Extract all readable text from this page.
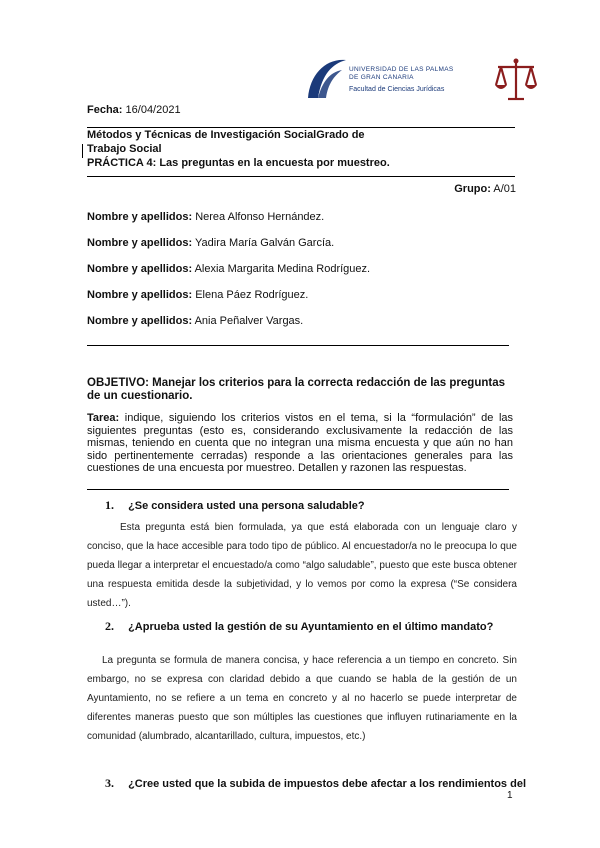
UNIVERSIDAD DE LAS PALMAS
DE GRAN CANARIA
Facultad de Ciencias Jurídicas
Fecha: 16/04/2021
Métodos y Técnicas de Investigación SocialGrado de
Trabajo Social
PRÁCTICA 4: Las preguntas en la encuesta por muestreo.
Grupo: A/01
Nombre y apellidos: Nerea Alfonso Hernández.
Nombre y apellidos: Yadira María Galván García.
Nombre y apellidos: Alexia Margarita Medina Rodríguez.
Nombre y apellidos: Elena Páez Rodríguez.
Nombre y apellidos: Ania Peñalver Vargas.
OBJETIVO: Manejar los criterios para la correcta redacción de las preguntas de un cuestionario.
Tarea: indique, siguiendo los criterios vistos en el tema, si la “formulación” de las siguientes preguntas (esto es, considerando exclusivamente la redacción de las mismas, teniendo en cuenta que no integran una misma encuesta y que aún no han sido pertinentemente cerradas) responde a las orientaciones generales para las cuestiones de una encuesta por muestreo. Detallen y razonen las respuestas.
1. ¿Se considera usted una persona saludable?
Esta pregunta está bien formulada, ya que está elaborada con un lenguaje claro y conciso, que la hace accesible para todo tipo de público. Al encuestador/a no le preocupa lo que pueda llegar a interpretar el encuestado/a como “algo saludable”, puesto que este busca obtener una respuesta emitida desde la subjetividad, y lo vemos por como la expresa (“Se considera usted…”).
2. ¿Aprueba usted la gestión de su Ayuntamiento en el último mandato?
La pregunta se formula de manera concisa, y hace referencia a un tiempo en concreto. Sin embargo, no se expresa con claridad debido a que cuando se habla de la gestión de un Ayuntamiento, no se refiere a un tema en concreto y al no hacerlo se puede interpretar de diferentes maneras puesto que son múltiples las cuestiones que influyen rutinariamente en la comunidad (alumbrado, alcantarillado, cultura, impuestos, etc.)
3. ¿Cree usted que la subida de impuestos debe afectar a los rendimientos del
1
